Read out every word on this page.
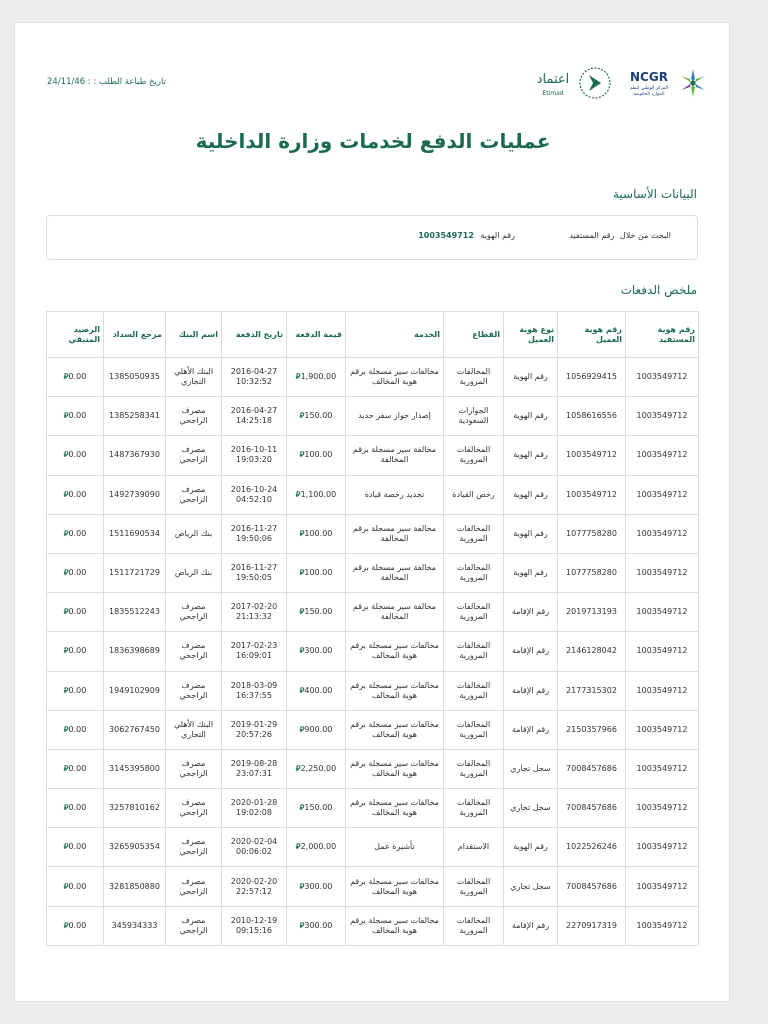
تاريخ طباعة الطلب : : 24/11/46	اعتماد
Etimad
NCGR
المركز الوطني لنظم
الموارد الحكومية
عمليات الدفع لخدمات وزارة الداخلية
البيانات الأساسية
البحث من خلال رقم المستفيد
رقم الهوية 1003549712
ملخص الدفعات
رقم هوية المستفيد	رقم هوية العميل	نوع هوية العميل	القطاع	الخدمة	قيمة الدفعة	تاريخ الدفعة	اسم البنك	مرجع السداد	الرصيد المتبقي
1003549712	1056929415	رقم الهوية	المخالفات المرورية	مخالفات سير مسجلة برقم هوية المخالف	⃁1,900.00	2016-04-27 10:32:52	البنك الأهلي التجاري	1385050935	⃁0.00
1003549712	1058616556	رقم الهوية	الجوازات السعودية	إصدار جواز سفر جديد	⃁150.00	2016-04-27 14:25:18	مصرف الراجحي	1385258341	⃁0.00
1003549712	1003549712	رقم الهوية	المخالفات المرورية	مخالفة سير مسجلة برقم المخالفة	⃁100.00	2016-10-11 19:03:20	مصرف الراجحي	1487367930	⃁0.00
1003549712	1003549712	رقم الهوية	رخص القيادة	تجديد رخصة قيادة	⃁1,100.00	2016-10-24 04:52:10	مصرف الراجحي	1492739090	⃁0.00
1003549712	1077758280	رقم الهوية	المخالفات المرورية	مخالفة سير مسجلة برقم المخالفة	⃁100.00	2016-11-27 19:50:06	بنك الرياض	1511690534	⃁0.00
1003549712	1077758280	رقم الهوية	المخالفات المرورية	مخالفة سير مسجلة برقم المخالفة	⃁100.00	2016-11-27 19:50:05	بنك الرياض	1511721729	⃁0.00
1003549712	2019713193	رقم الإقامة	المخالفات المرورية	مخالفة سير مسجلة برقم المخالفة	⃁150.00	2017-02-20 21:13:32	مصرف الراجحي	1835512243	⃁0.00
1003549712	2146128042	رقم الإقامة	المخالفات المرورية	مخالفات سير مسجلة برقم هوية المخالف	⃁300.00	2017-02-23 16:09:01	مصرف الراجحي	1836398689	⃁0.00
1003549712	2177315302	رقم الإقامة	المخالفات المرورية	مخالفات سير مسجلة برقم هوية المخالف	⃁400.00	2018-03-09 16:37:55	مصرف الراجحي	1949102909	⃁0.00
1003549712	2150357966	رقم الإقامة	المخالفات المرورية	مخالفات سير مسجلة برقم هوية المخالف	⃁900.00	2019-01-29 20:57:26	البنك الأهلي التجاري	3062767450	⃁0.00
1003549712	7008457686	سجل تجاري	المخالفات المرورية	مخالفات سير مسجلة برقم هوية المخالف	⃁2,250.00	2019-08-28 23:07:31	مصرف الراجحي	3145395800	⃁0.00
1003549712	7008457686	سجل تجاري	المخالفات المرورية	مخالفات سير مسجلة برقم هوية المخالف	⃁150.00	2020-01-28 19:02:08	مصرف الراجحي	3257810162	⃁0.00
1003549712	1022526246	رقم الهوية	الاستقدام	تأشيرة عمل	⃁2,000.00	2020-02-04 00:06:02	مصرف الراجحي	3265905354	⃁0.00
1003549712	7008457686	سجل تجاري	المخالفات المرورية	مخالفات سير مسجلة برقم هوية المخالف	⃁300.00	2020-02-20 22:57:12	مصرف الراجحي	3281850880	⃁0.00
1003549712	2270917319	رقم الإقامة	المخالفات المرورية	مخالفات سير مسجلة برقم هوية المخالف	⃁300.00	2010-12-19 09:15:16	مصرف الراجحي	345934333	⃁0.00
